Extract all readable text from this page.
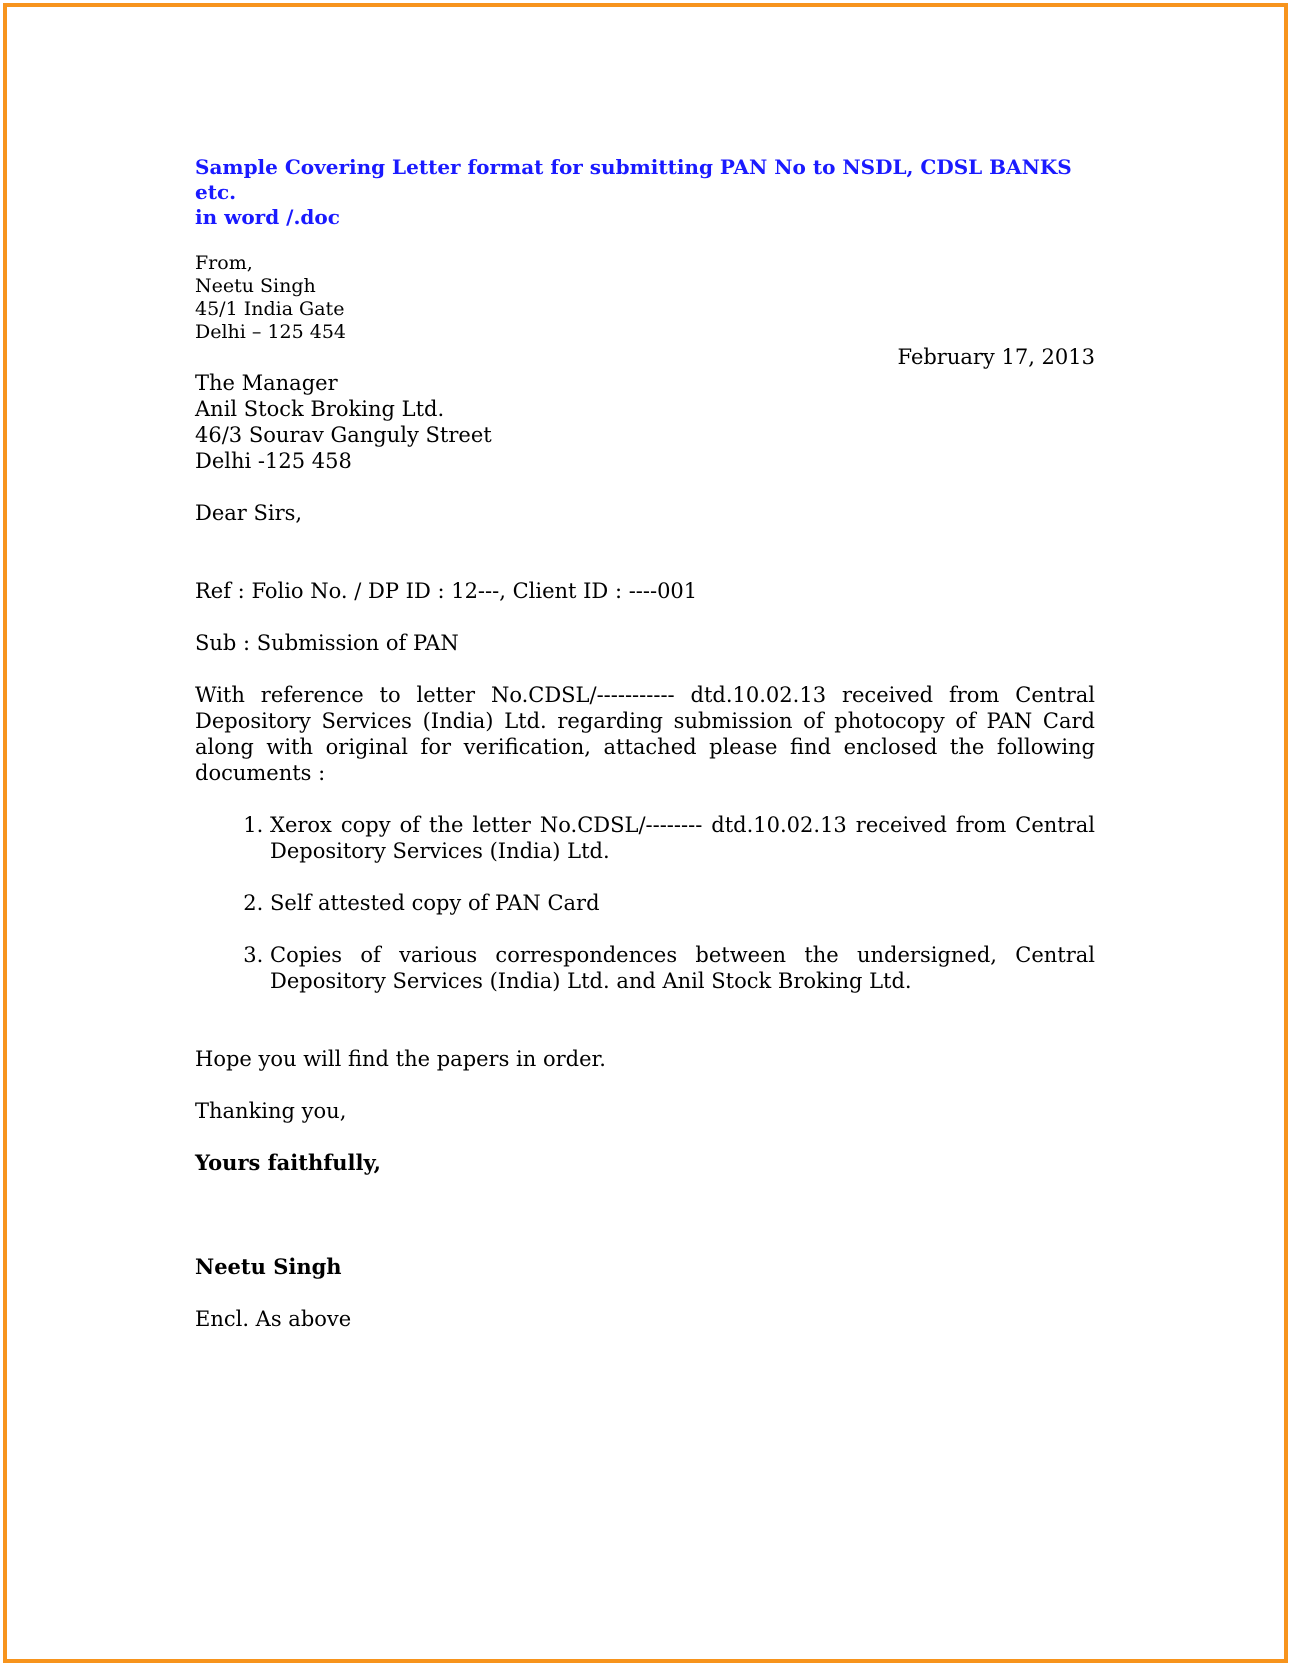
Sample Covering Letter format for submitting PAN No to NSDL, CDSL BANKS etc.
in word /.doc
From,
Neetu Singh
45/1 India Gate
Delhi – 125 454
February 17, 2013
The Manager
Anil Stock Broking Ltd.
46/3 Sourav Ganguly Street
Delhi -125 458
Dear Sirs,
Ref : Folio No. / DP ID : 12---, Client ID : ----001
Sub : Submission of PAN
With reference to letter No.CDSL/----------- dtd.10.02.13 received from Central Depository Services (India) Ltd. regarding submission of photocopy of PAN Card along with original for verification, attached please find enclosed the following documents :
1. Xerox copy of the letter No.CDSL/-------- dtd.10.02.13 received from Central Depository Services (India) Ltd.
2. Self attested copy of PAN Card
3. Copies of various correspondences between the undersigned, Central Depository Services (India) Ltd. and Anil Stock Broking Ltd.
Hope you will find the papers in order.
Thanking you,
Yours faithfully,
Neetu Singh
Encl. As above
